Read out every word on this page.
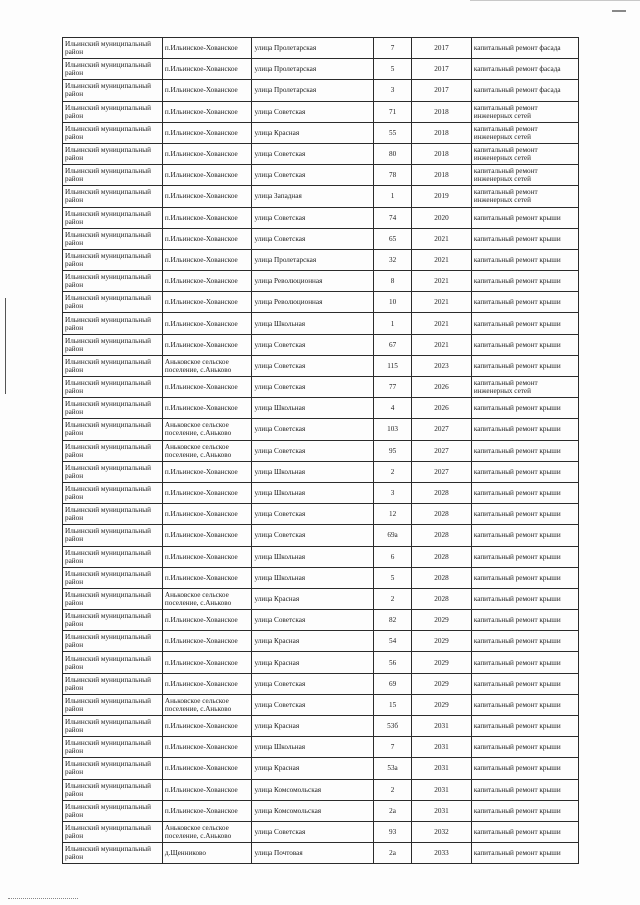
Ильинский муниципальный район	п.Ильинское-Хованское	улица Пролетарская	7	2017	капитальный ремонт фасада
Ильинский муниципальный район	п.Ильинское-Хованское	улица Пролетарская	5	2017	капитальный ремонт фасада
Ильинский муниципальный район	п.Ильинское-Хованское	улица Пролетарская	3	2017	капитальный ремонт фасада
Ильинский муниципальный район	п.Ильинское-Хованское	улица Советская	71	2018	капитальный ремонт инженерных сетей
Ильинский муниципальный район	п.Ильинское-Хованское	улица Красная	55	2018	капитальный ремонт инженерных сетей
Ильинский муниципальный район	п.Ильинское-Хованское	улица Советская	80	2018	капитальный ремонт инженерных сетей
Ильинский муниципальный район	п.Ильинское-Хованское	улица Советская	78	2018	капитальный ремонт инженерных сетей
Ильинский муниципальный район	п.Ильинское-Хованское	улица Западная	1	2019	капитальный ремонт инженерных сетей
Ильинский муниципальный район	п.Ильинское-Хованское	улица Советская	74	2020	капитальный ремонт крыши
Ильинский муниципальный район	п.Ильинское-Хованское	улица Советская	65	2021	капитальный ремонт крыши
Ильинский муниципальный район	п.Ильинское-Хованское	улица Пролетарская	32	2021	капитальный ремонт крыши
Ильинский муниципальный район	п.Ильинское-Хованское	улица Революционная	8	2021	капитальный ремонт крыши
Ильинский муниципальный район	п.Ильинское-Хованское	улица Революционная	10	2021	капитальный ремонт крыши
Ильинский муниципальный район	п.Ильинское-Хованское	улица Школьная	1	2021	капитальный ремонт крыши
Ильинский муниципальный район	п.Ильинское-Хованское	улица Советская	67	2021	капитальный ремонт крыши
Ильинский муниципальный район	Аньковское сельское поселение, с.Аньково	улица Советская	115	2023	капитальный ремонт крыши
Ильинский муниципальный район	п.Ильинское-Хованское	улица Советская	77	2026	капитальный ремонт инженерных сетей
Ильинский муниципальный район	п.Ильинское-Хованское	улица Школьная	4	2026	капитальный ремонт крыши
Ильинский муниципальный район	Аньковское сельское поселение, с.Аньково	улица Советская	103	2027	капитальный ремонт крыши
Ильинский муниципальный район	Аньковское сельское поселение, с.Аньково	улица Советская	95	2027	капитальный ремонт крыши
Ильинский муниципальный район	п.Ильинское-Хованское	улица Школьная	2	2027	капитальный ремонт крыши
Ильинский муниципальный район	п.Ильинское-Хованское	улица Школьная	3	2028	капитальный ремонт крыши
Ильинский муниципальный район	п.Ильинское-Хованское	улица Советская	12	2028	капитальный ремонт крыши
Ильинский муниципальный район	п.Ильинское-Хованское	улица Советская	69а	2028	капитальный ремонт крыши
Ильинский муниципальный район	п.Ильинское-Хованское	улица Школьная	6	2028	капитальный ремонт крыши
Ильинский муниципальный район	п.Ильинское-Хованское	улица Школьная	5	2028	капитальный ремонт крыши
Ильинский муниципальный район	Аньковское сельское поселение, с.Аньково	улица Красная	2	2028	капитальный ремонт крыши
Ильинский муниципальный район	п.Ильинское-Хованское	улица Советская	82	2029	капитальный ремонт крыши
Ильинский муниципальный район	п.Ильинское-Хованское	улица Красная	54	2029	капитальный ремонт крыши
Ильинский муниципальный район	п.Ильинское-Хованское	улица Красная	56	2029	капитальный ремонт крыши
Ильинский муниципальный район	п.Ильинское-Хованское	улица Советская	69	2029	капитальный ремонт крыши
Ильинский муниципальный район	Аньковское сельское поселение, с.Аньково	улица Советская	15	2029	капитальный ремонт крыши
Ильинский муниципальный район	п.Ильинское-Хованское	улица Красная	53б	2031	капитальный ремонт крыши
Ильинский муниципальный район	п.Ильинское-Хованское	улица Школьная	7	2031	капитальный ремонт крыши
Ильинский муниципальный район	п.Ильинское-Хованское	улица Красная	53а	2031	капитальный ремонт крыши
Ильинский муниципальный район	п.Ильинское-Хованское	улица Комсомольская	2	2031	капитальный ремонт крыши
Ильинский муниципальный район	п.Ильинское-Хованское	улица Комсомольская	2а	2031	капитальный ремонт крыши
Ильинский муниципальный район	Аньковское сельское поселение, с.Аньково	улица Советская	93	2032	капитальный ремонт крыши
Ильинский муниципальный район	д.Щенниково	улица Почтовая	2а	2033	капитальный ремонт крыши
